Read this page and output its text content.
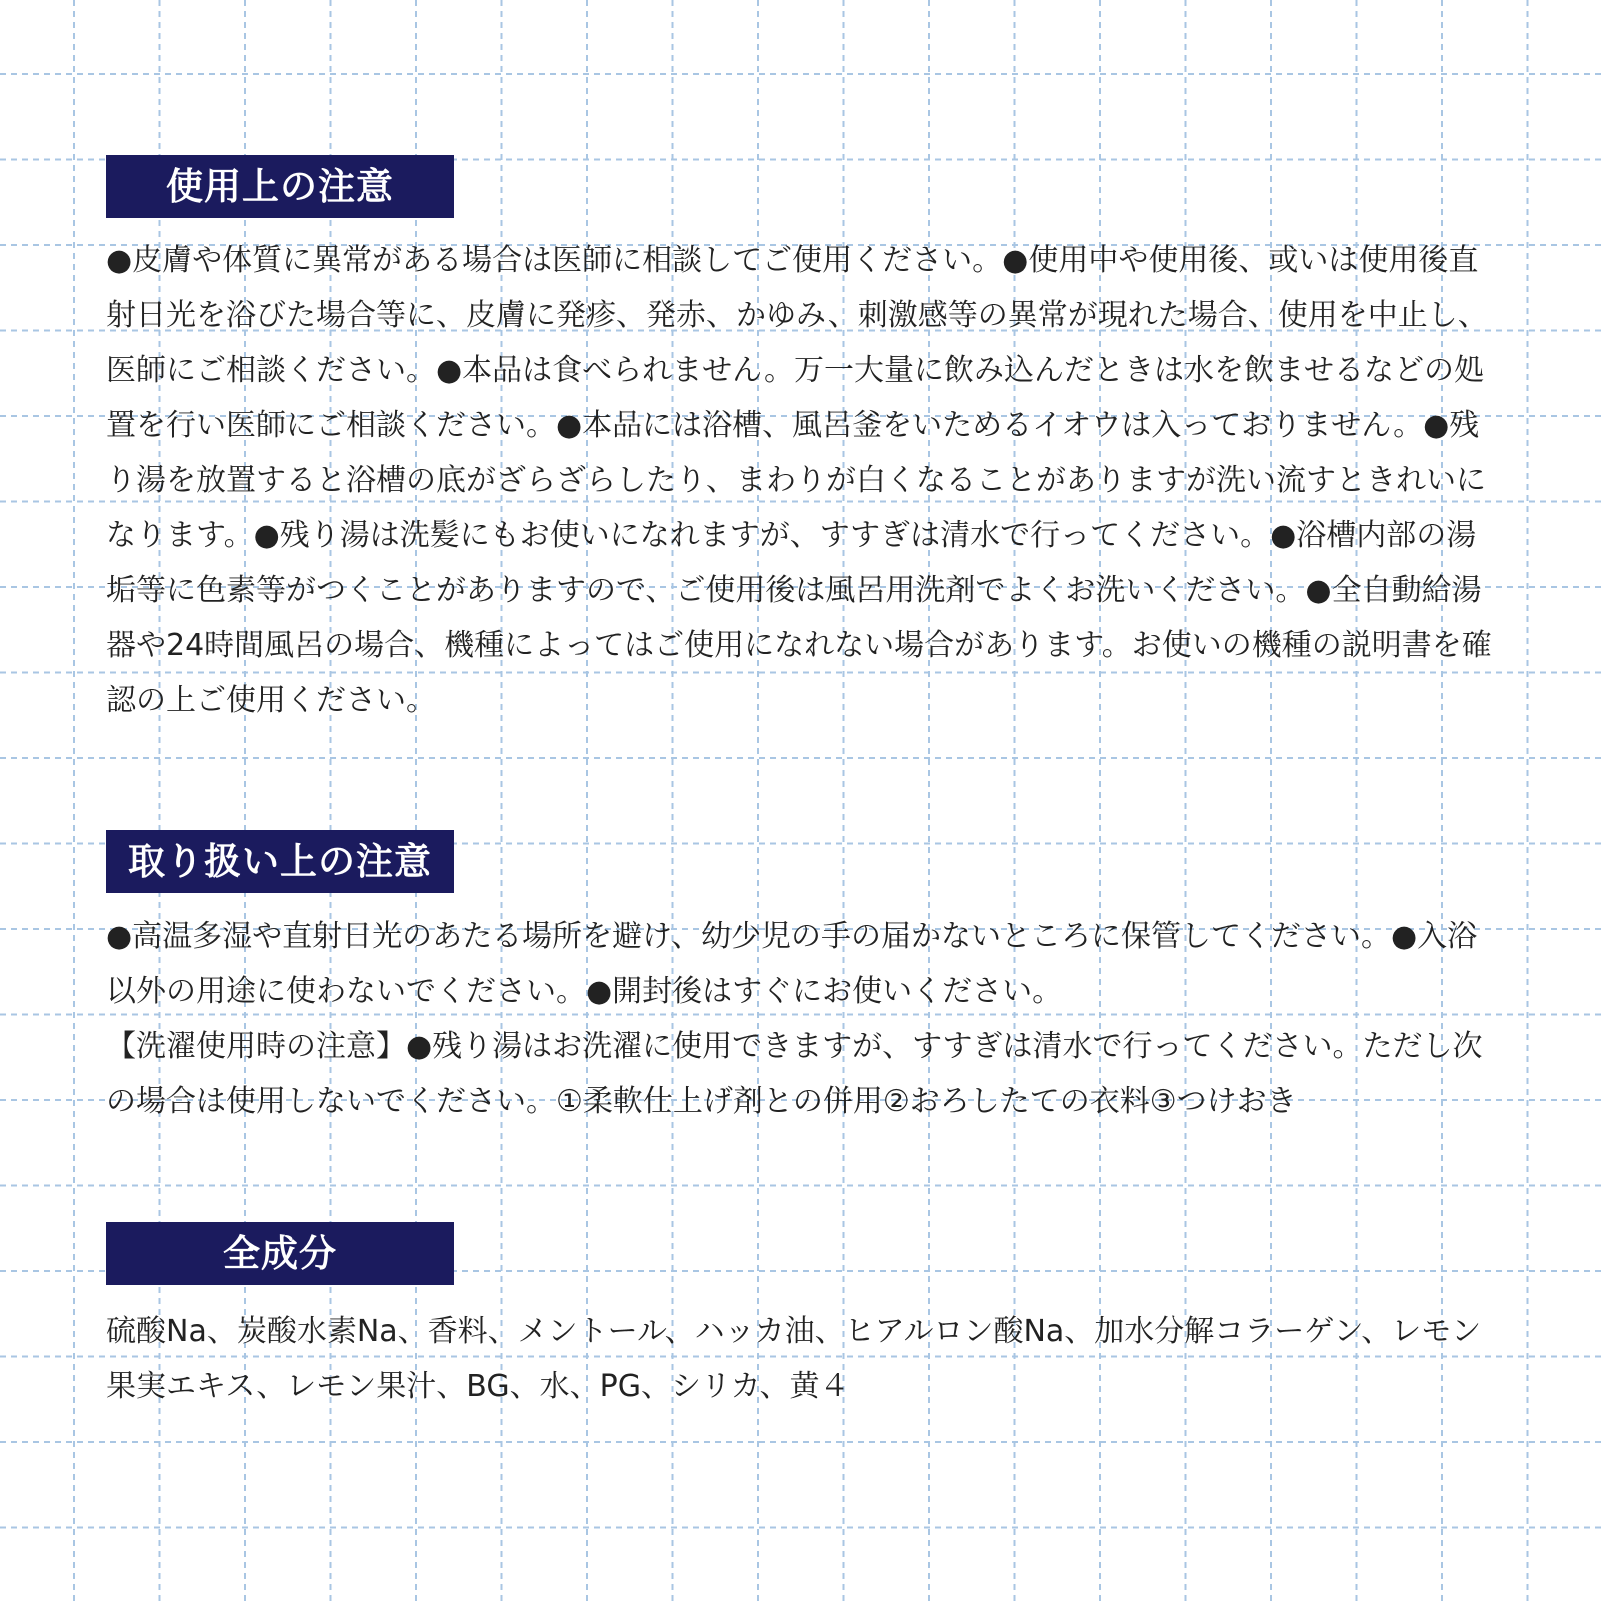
使用上の注意

●皮膚や体質に異常がある場合は医師に相談してご使用ください。●使用中や使用後、或いは使用後直射日光を浴びた場合等に、皮膚に発疹、発赤、かゆみ、刺激感等の異常が現れた場合、使用を中止し、医師にご相談ください。●本品は食べられません。万一大量に飲み込んだときは水を飲ませるなどの処置を行い医師にご相談ください。●本品には浴槽、風呂釜をいためるイオウは入っておりません。●残り湯を放置すると浴槽の底がざらざらしたり、まわりが白くなることがありますが洗い流すときれいになります。●残り湯は洗髪にもお使いになれますが、すすぎは清水で行ってください。●浴槽内部の湯垢等に色素等がつくことがありますので、ご使用後は風呂用洗剤でよくお洗いください。●全自動給湯器や24時間風呂の場合、機種によってはご使用になれない場合があります。お使いの機種の説明書を確認の上ご使用ください。

取り扱い上の注意

●高温多湿や直射日光のあたる場所を避け、幼少児の手の届かないところに保管してください。●入浴以外の用途に使わないでください。●開封後はすぐにお使いください。
【洗濯使用時の注意】●残り湯はお洗濯に使用できますが、すすぎは清水で行ってください。ただし次の場合は使用しないでください。①柔軟仕上げ剤との併用②おろしたての衣料③つけおき

全成分

硫酸Na、炭酸水素Na、香料、メントール、ハッカ油、ヒアルロン酸Na、加水分解コラーゲン、レモン果実エキス、レモン果汁、BG、水、PG、シリカ、黄４
